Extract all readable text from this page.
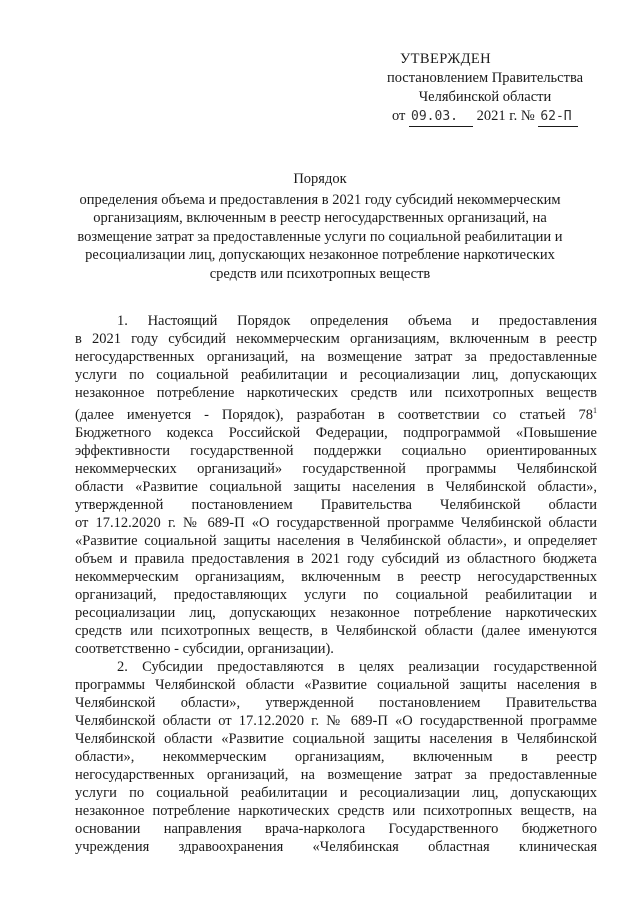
УТВЕРЖДЕН
постановлением Правительства
Челябинской области
от 09.03. 2021 г. № 62-П
Порядок
определения объема и предоставления в 2021 году субсидий некоммерческим
организациям, включенным в реестр негосударственных организаций, на
возмещение затрат за предоставленные услуги по социальной реабилитации и
ресоциализации лиц, допускающих незаконное потребление наркотических
средств или психотропных веществ

1. Настоящий Порядок определения объема и предоставления
в 2021 году субсидий некоммерческим организациям, включенным в реестр
негосударственных организаций, на возмещение затрат за предоставленные
услуги по социальной реабилитации и ресоциализации лиц, допускающих
незаконное потребление наркотических средств или психотропных веществ
(далее именуется - Порядок), разработан в соответствии со статьей $78^1$
Бюджетного кодекса Российской Федерации, подпрограммой «Повышение
эффективности государственной поддержки социально ориентированных
некоммерческих организаций» государственной программы Челябинской
области «Развитие социальной защиты населения в Челябинской области»,
утвержденной постановлением Правительства Челябинской области
от 17.12.2020 г. № 689-П «О государственной программе Челябинской области
«Развитие социальной защиты населения в Челябинской области», и определяет
объем и правила предоставления в 2021 году субсидий из областного бюджета
некоммерческим организациям, включенным в реестр негосударственных
организаций, предоставляющих услуги по социальной реабилитации и
ресоциализации лиц, допускающих незаконное потребление наркотических
средств или психотропных веществ, в Челябинской области (далее именуются
соответственно - субсидии, организации).

2. Субсидии предоставляются в целях реализации государственной
программы Челябинской области «Развитие социальной защиты населения в
Челябинской области», утвержденной постановлением Правительства
Челябинской области от 17.12.2020 г. № 689-П «О государственной программе
Челябинской области «Развитие социальной защиты населения в Челябинской
области», некоммерческим организациям, включенным в реестр
негосударственных организаций, на возмещение затрат за предоставленные
услуги по социальной реабилитации и ресоциализации лиц, допускающих
незаконное потребление наркотических средств или психотропных веществ, на
основании направления врача-нарколога Государственного бюджетного
учреждения здравоохранения «Челябинская областная клиническая
